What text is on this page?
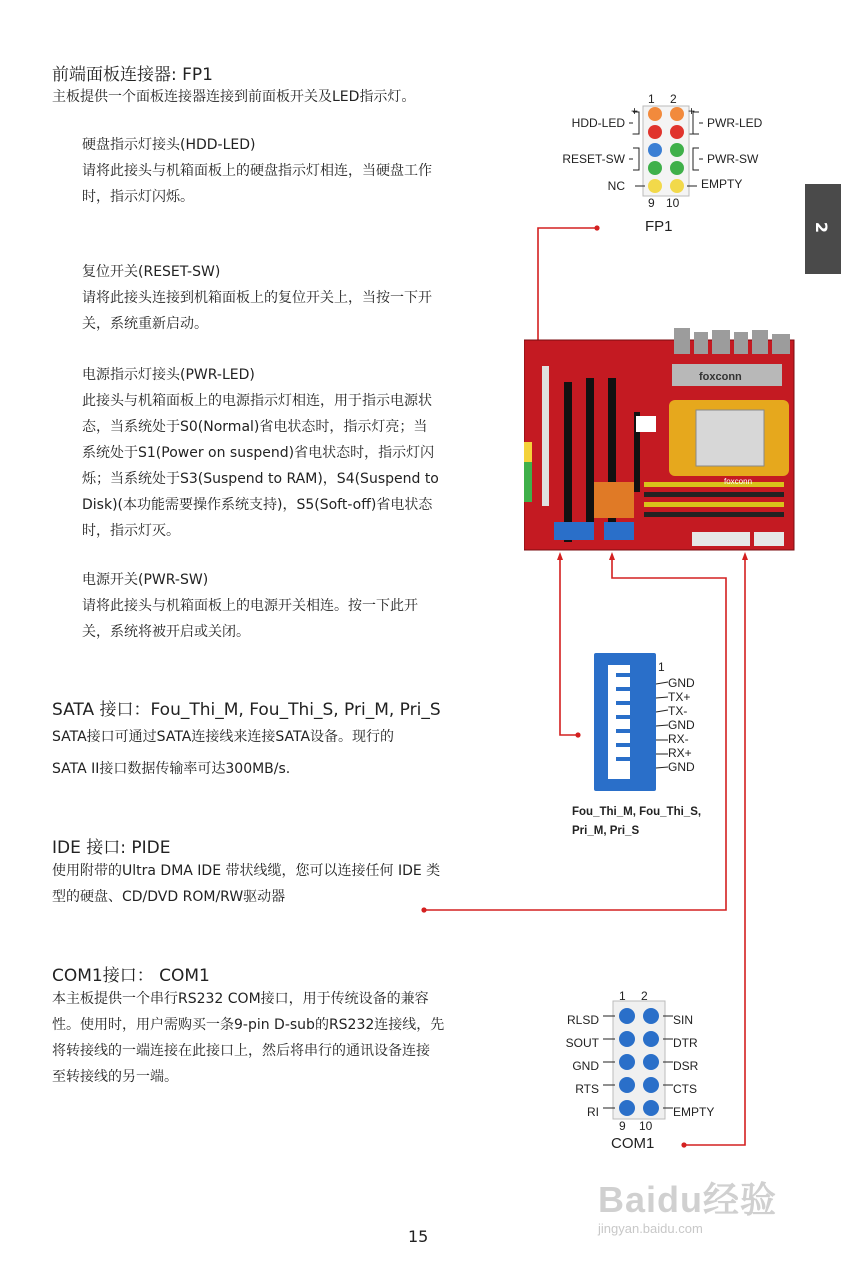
2
前端面板连接器: FP1
主板提供一个面板连接器连接到前面板开关及LED指示灯。
硬盘指示灯接头(HDD-LED)
请将此接头与机箱面板上的硬盘指示灯相连，当硬盘工作
时，指示灯闪烁。
复位开关(RESET-SW)
请将此接头连接到机箱面板上的复位开关上，当按一下开
关，系统重新启动。
电源指示灯接头(PWR-LED)
此接头与机箱面板上的电源指示灯相连，用于指示电源状
态，当系统处于S0(Normal)省电状态时，指示灯亮；当
系统处于S1(Power on suspend)省电状态时，指示灯闪
烁；当系统处于S3(Suspend to RAM)，S4(Suspend to
Disk)(本功能需要操作系统支持)，S5(Soft-off)省电状态
时，指示灯灭。
电源开关(PWR-SW)
请将此接头与机箱面板上的电源开关相连。按一下此开
关，系统将被开启或关闭。
SATA 接口：Fou_Thi_M, Fou_Thi_S, Pri_M, Pri_S
SATA接口可通过SATA连接线来连接SATA设备。现行的
SATA II接口数据传输率可达300MB/s.
IDE 接口: PIDE
使用附带的Ultra DMA IDE 带状线缆，您可以连接任何 IDE 类
型的硬盘、CD/DVD ROM/RW驱动器
COM1接口： COM1
本主板提供一个串行RS232 COM接口，用于传统设备的兼容
性。使用时，用户需购买一条9-pin D-sub的RS232连接线，先
将转接线的一端连接在此接口上，然后将串行的通讯设备连接
至转接线的另一端。
15
1 2
+	+
-	-
HDD-LED
RESET-SW
NC
PWR-LED
PWR-SW
EMPTY
9 10
FP1
foxconn
foxconn
1
GND
TX+
TX-
GND
RX-
RX+
GND
Fou_Thi_M, Fou_Thi_S,
Pri_M, Pri_S
1 2
RLSD
SOUT
GND
RTS
RI
SIN
DTR
DSR
CTS
EMPTY
9 10
COM1
Baidu经验
jingyan.baidu.com
